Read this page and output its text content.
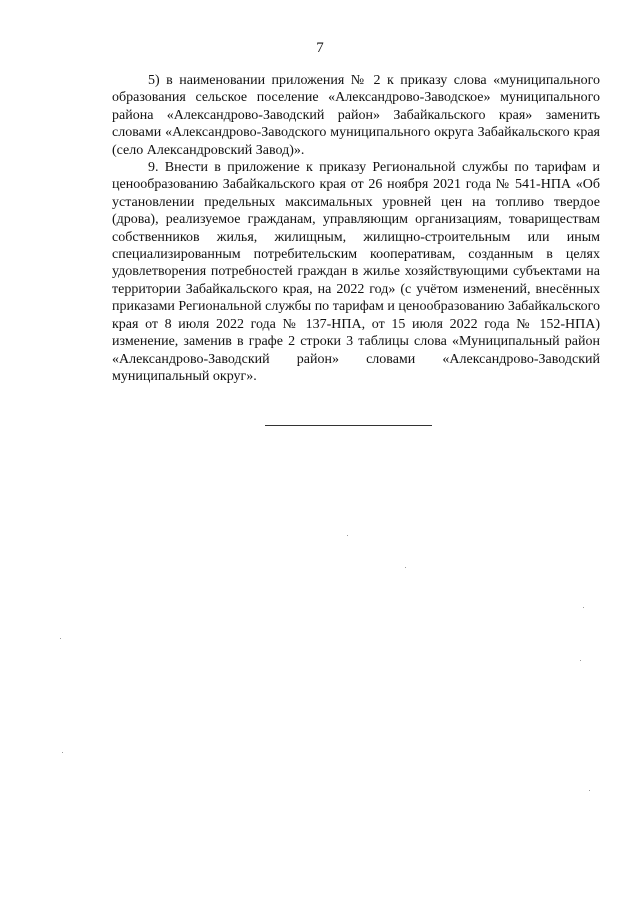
7

5) в наименовании приложения № 2 к приказу слова «муниципального образования сельское поселение «Александрово-Заводское» муниципального района «Александрово-Заводский район» Забайкальского края» заменить словами «Александрово-Заводского муниципального округа Забайкальского края (село Александровский Завод)».

9. Внести в приложение к приказу Региональной службы по тарифам и ценообразованию Забайкальского края от 26 ноября 2021 года № 541-НПА «Об установлении предельных максимальных уровней цен на топливо твердое (дрова), реализуемое гражданам, управляющим организациям, товариществам собственников жилья, жилищным, жилищно-строительным или иным специализированным потребительским кооперативам, созданным в целях удовлетворения потребностей граждан в жилье хозяйствующими субъектами на территории Забайкальского края, на 2022 год» (с учётом изменений, внесённых приказами Региональной службы по тарифам и ценообразованию Забайкальского края от 8 июля 2022 года № 137-НПА, от 15 июля 2022 года № 152-НПА) изменение, заменив в графе 2 строки 3 таблицы слова «Муниципальный район «Александрово-Заводский район» словами «Александрово-Заводский муниципальный округ».
